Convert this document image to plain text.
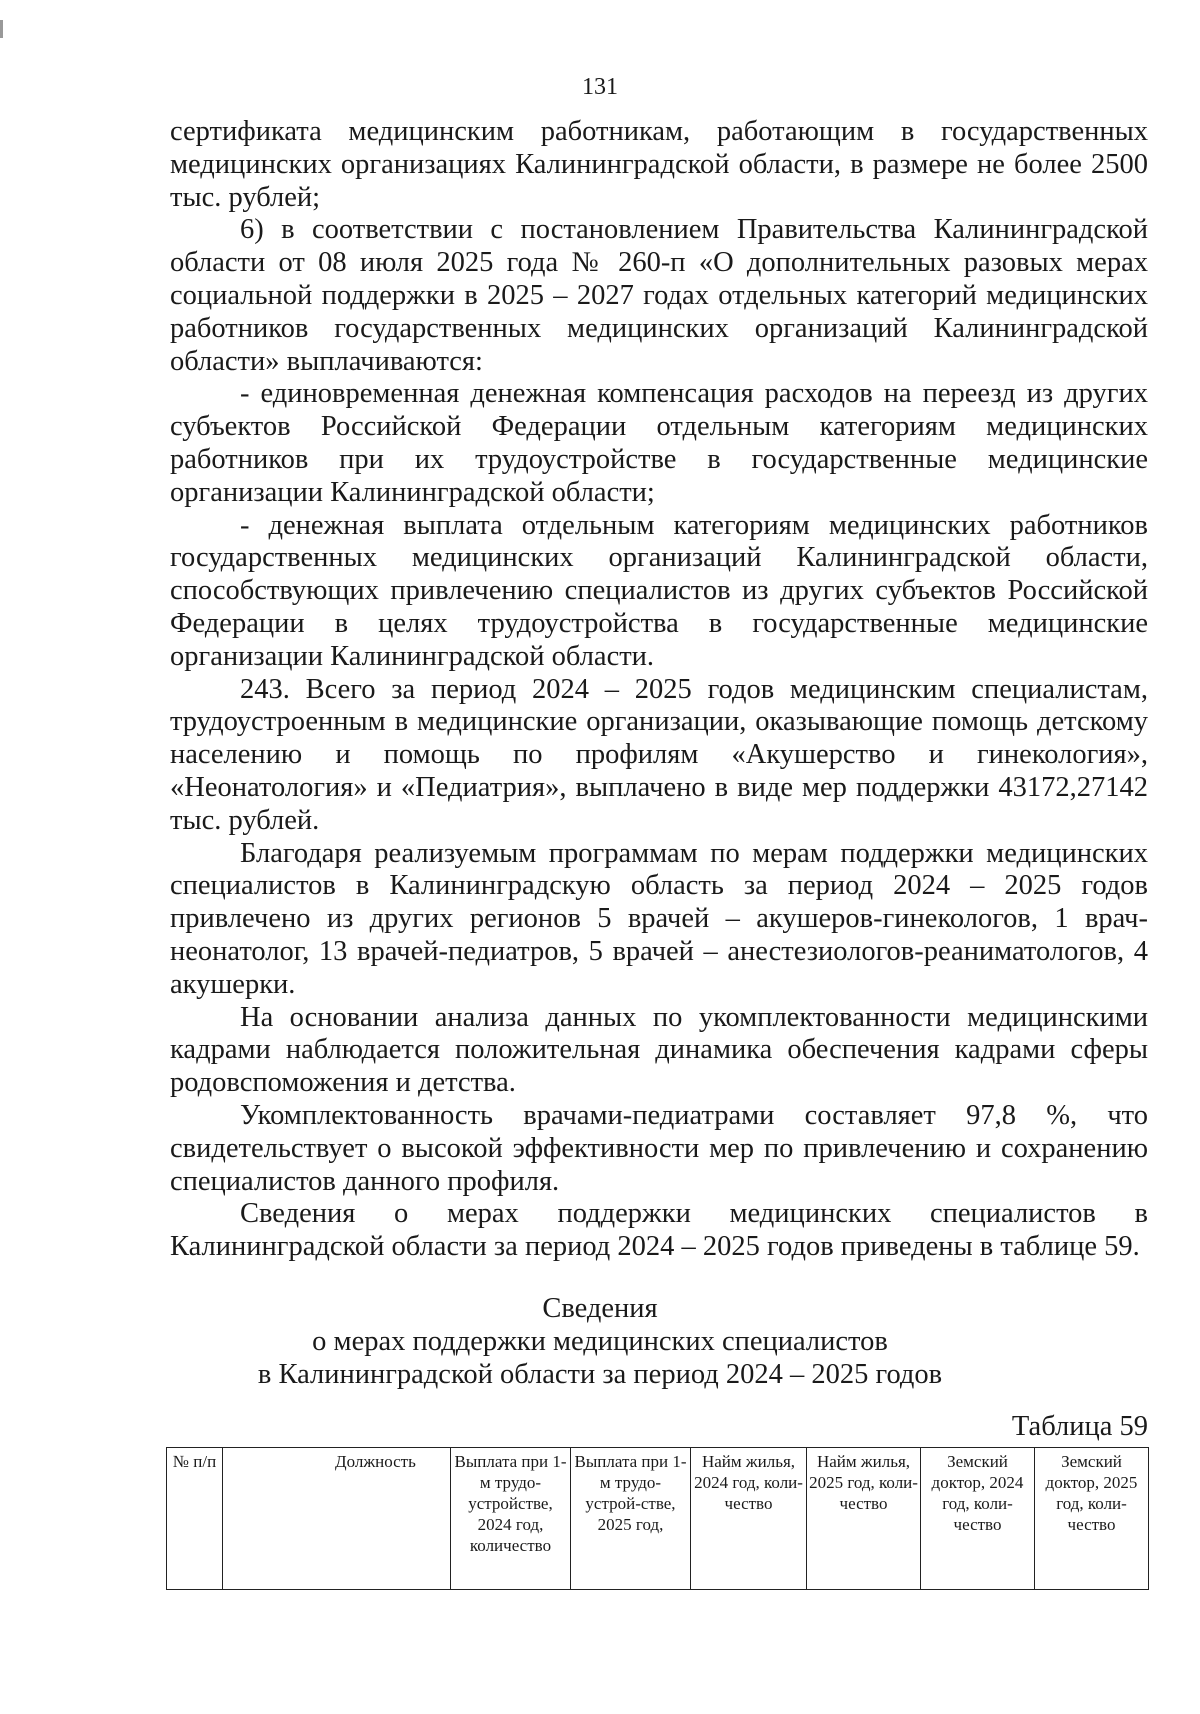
131

сертификата медицинским работникам, работающим в государственных медицинских организациях Калининградской области, в размере не более 2500 тыс. рублей;

6) в соответствии с постановлением Правительства Калининградской области от 08 июля 2025 года № 260-п «О дополнительных разовых мерах социальной поддержки в 2025 – 2027 годах отдельных категорий медицинских работников государственных медицинских организаций Калининградской области» выплачиваются:

- единовременная денежная компенсация расходов на переезд из других субъектов Российской Федерации отдельным категориям медицинских работников при их трудоустройстве в государственные медицинские организации Калининградской области;

- денежная выплата отдельным категориям медицинских работников государственных медицинских организаций Калининградской области, способствующих привлечению специалистов из других субъектов Российской Федерации в целях трудоустройства в государственные медицинские организации Калининградской области.

243. Всего за период 2024 – 2025 годов медицинским специалистам, трудоустроенным в медицинские организации, оказывающие помощь детскому населению и помощь по профилям «Акушерство и гинекология», «Неонатология» и «Педиатрия», выплачено в виде мер поддержки 43172,27142 тыс. рублей.

Благодаря реализуемым программам по мерам поддержки медицинских специалистов в Калининградскую область за период 2024 – 2025 годов привлечено из других регионов 5 врачей – акушеров-гинекологов, 1 врач-неонатолог, 13 врачей-педиатров, 5 врачей – анестезиологов-реаниматологов, 4 акушерки.

На основании анализа данных по укомплектованности медицинскими кадрами наблюдается положительная динамика обеспечения кадрами сферы родовспоможения и детства.

Укомплектованность врачами-педиатрами составляет 97,8 %, что свидетельствует о высокой эффективности мер по привлечению и сохранению специалистов данного профиля.

Сведения о мерах поддержки медицинских специалистов в Калининградской области за период 2024 – 2025 годов приведены в таблице 59.

Сведения
о мерах поддержки медицинских специалистов
в Калининградской области за период 2024 – 2025 годов
Таблица 59
№ п/п	Должность	Выплата при 1-м трудо-устройстве, 2024 год, количество	Выплата при 1-м трудо-устрой-стве, 2025 год,	Найм жилья, 2024 год, коли-чество	Найм жилья, 2025 год, коли-чество	Земский доктор, 2024 год, коли-чество	Земский доктор, 2025 год, коли-чество
